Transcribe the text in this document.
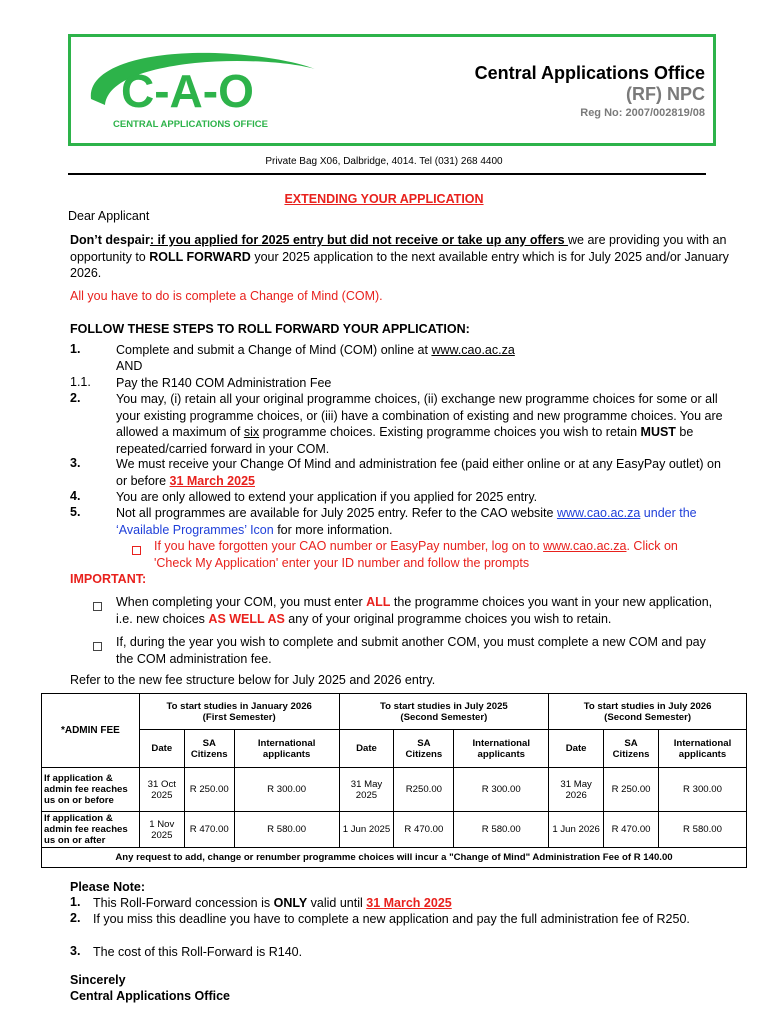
C-A-O
CENTRAL APPLICATIONS OFFICE
Central Applications Office
(RF) NPC
Reg No: 2007/002819/08
Private Bag X06, Dalbridge, 4014. Tel (031) 268 4400
EXTENDING YOUR APPLICATION
Dear Applicant
Don’t despair: if you applied for 2025 entry but did not receive or take up any offers we are providing you with an opportunity to ROLL FORWARD your 2025 application to the next available entry which is for July 2025 and/or January 2026.
All you have to do is complete a Change of Mind (COM).
FOLLOW THESE STEPS TO ROLL FORWARD YOUR APPLICATION:
1.	Complete and submit a Change of Mind (COM) online at www.cao.ac.za
AND
1.1. Pay the R140 COM Administration Fee
2.	You may, (i) retain all your original programme choices, (ii) exchange new programme choices for some or all your existing programme choices, or (iii) have a combination of existing and new programme choices. You are allowed a maximum of six programme choices. Existing programme choices you wish to retain MUST be repeated/carried forward in your COM.
3.	We must receive your Change Of Mind and administration fee (paid either online or at any EasyPay outlet) on or before 31 March 2025
4.	You are only allowed to extend your application if you applied for 2025 entry.
5.	Not all programmes are available for July 2025 entry. Refer to the CAO website www.cao.ac.za under the ‘Available Programmes’ Icon for more information.
If you have forgotten your CAO number or EasyPay number, log on to www.cao.ac.za. Click on 'Check My Application' enter your ID number and follow the prompts
IMPORTANT:
When completing your COM, you must enter ALL the programme choices you want in your new application, i.e. new choices AS WELL AS any of your original programme choices you wish to retain.
If, during the year you wish to complete and submit another COM, you must complete a new COM and pay the COM administration fee.
Refer to the new fee structure below for July 2025 and 2026 entry.
*ADMIN FEE	To start studies in January 2026
(First Semester)			To start studies in July 2025
(Second Semester)			To start studies in July 2026
(Second Semester)		
	Date	SA
Citizens	International
applicants	Date	SA
Citizens	International
applicants	Date	SA
Citizens	International
applicants
If application & admin fee reaches us on or before	31 Oct 2025	R 250.00	R 300.00	31 May 2025	R250.00	R 300.00	31 May 2026	R 250.00	R 300.00
If application & admin fee reaches us on or after	1 Nov 2025	R 470.00	R 580.00	1 Jun 2025	R 470.00	R 580.00	1 Jun 2026	R 470.00	R 580.00
Any request to add, change or renumber programme choices will incur a "Change of Mind" Administration Fee of R 140.00									
Please Note:
1. This Roll-Forward concession is ONLY valid until 31 March 2025
2. If you miss this deadline you have to complete a new application and pay the full administration fee of R250.
3. The cost of this Roll-Forward is R140.
Sincerely
Central Applications Office
